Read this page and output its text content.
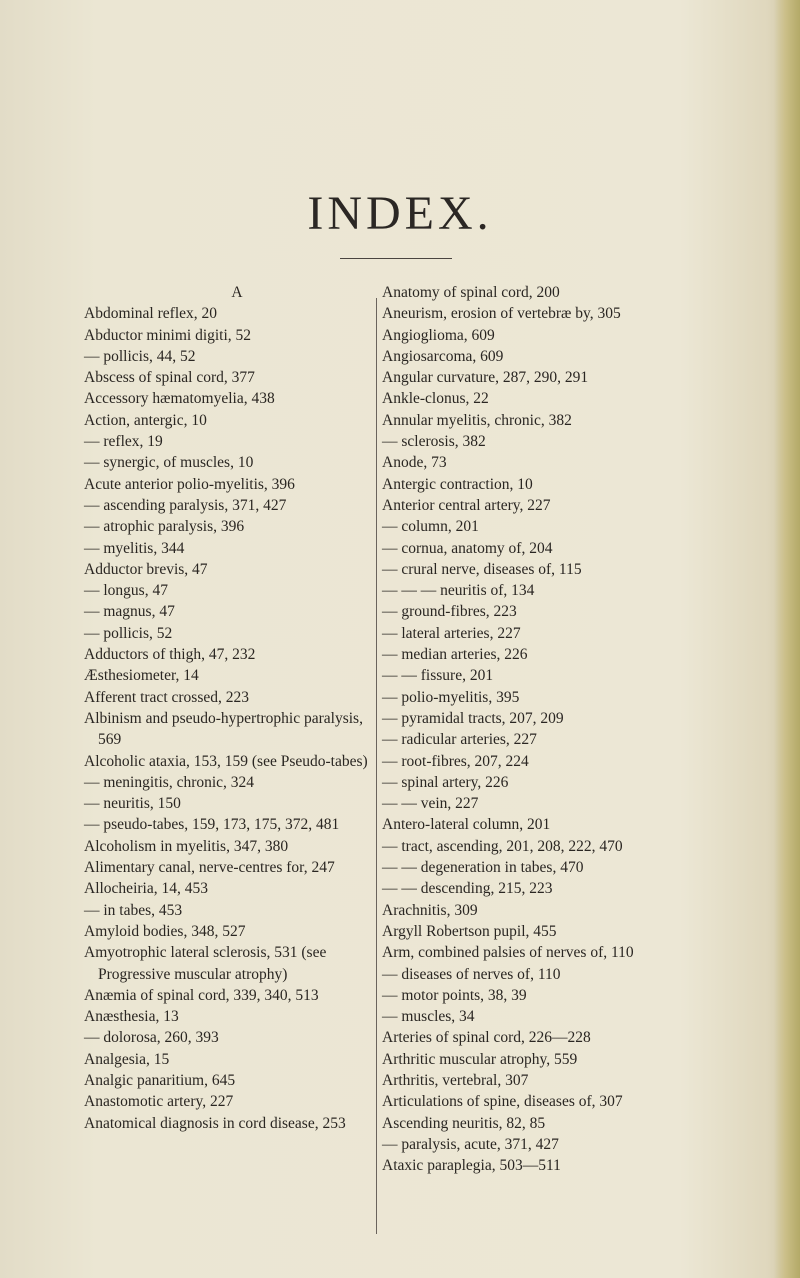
INDEX.
A
Abdominal reflex, 20
Abductor minimi digiti, 52
— pollicis, 44, 52
Abscess of spinal cord, 377
Accessory hæmatomyelia, 438
Action, antergic, 10
— reflex, 19
— synergic, of muscles, 10
Acute anterior polio-myelitis, 396
— ascending paralysis, 371, 427
— atrophic paralysis, 396
— myelitis, 344
Adductor brevis, 47
— longus, 47
— magnus, 47
— pollicis, 52
Adductors of thigh, 47, 232
Æsthesiometer, 14
Afferent tract crossed, 223
Albinism and pseudo-hypertrophic paralysis, 569
Alcoholic ataxia, 153, 159 (see Pseudo-tabes)
— meningitis, chronic, 324
— neuritis, 150
— pseudo-tabes, 159, 173, 175, 372, 481
Alcoholism in myelitis, 347, 380
Alimentary canal, nerve-centres for, 247
Allocheiria, 14, 453
— in tabes, 453
Amyloid bodies, 348, 527
Amyotrophic lateral sclerosis, 531 (see Progressive muscular atrophy)
Anæmia of spinal cord, 339, 340, 513
Anæsthesia, 13
— dolorosa, 260, 393
Analgesia, 15
Analgic panaritium, 645
Anastomotic artery, 227
Anatomical diagnosis in cord disease, 253
Anatomy of spinal cord, 200
Aneurism, erosion of vertebræ by, 305
Angioglioma, 609
Angiosarcoma, 609
Angular curvature, 287, 290, 291
Ankle-clonus, 22
Annular myelitis, chronic, 382
— sclerosis, 382
Anode, 73
Antergic contraction, 10
Anterior central artery, 227
— column, 201
— cornua, anatomy of, 204
— crural nerve, diseases of, 115
— — — neuritis of, 134
— ground-fibres, 223
— lateral arteries, 227
— median arteries, 226
— — fissure, 201
— polio-myelitis, 395
— pyramidal tracts, 207, 209
— radicular arteries, 227
— root-fibres, 207, 224
— spinal artery, 226
— — vein, 227
Antero-lateral column, 201
— tract, ascending, 201, 208, 222, 470
— — degeneration in tabes, 470
— — descending, 215, 223
Arachnitis, 309
Argyll Robertson pupil, 455
Arm, combined palsies of nerves of, 110
— diseases of nerves of, 110
— motor points, 38, 39
— muscles, 34
Arteries of spinal cord, 226—228
Arthritic muscular atrophy, 559
Arthritis, vertebral, 307
Articulations of spine, diseases of, 307
Ascending neuritis, 82, 85
— paralysis, acute, 371, 427
Ataxic paraplegia, 503—511
